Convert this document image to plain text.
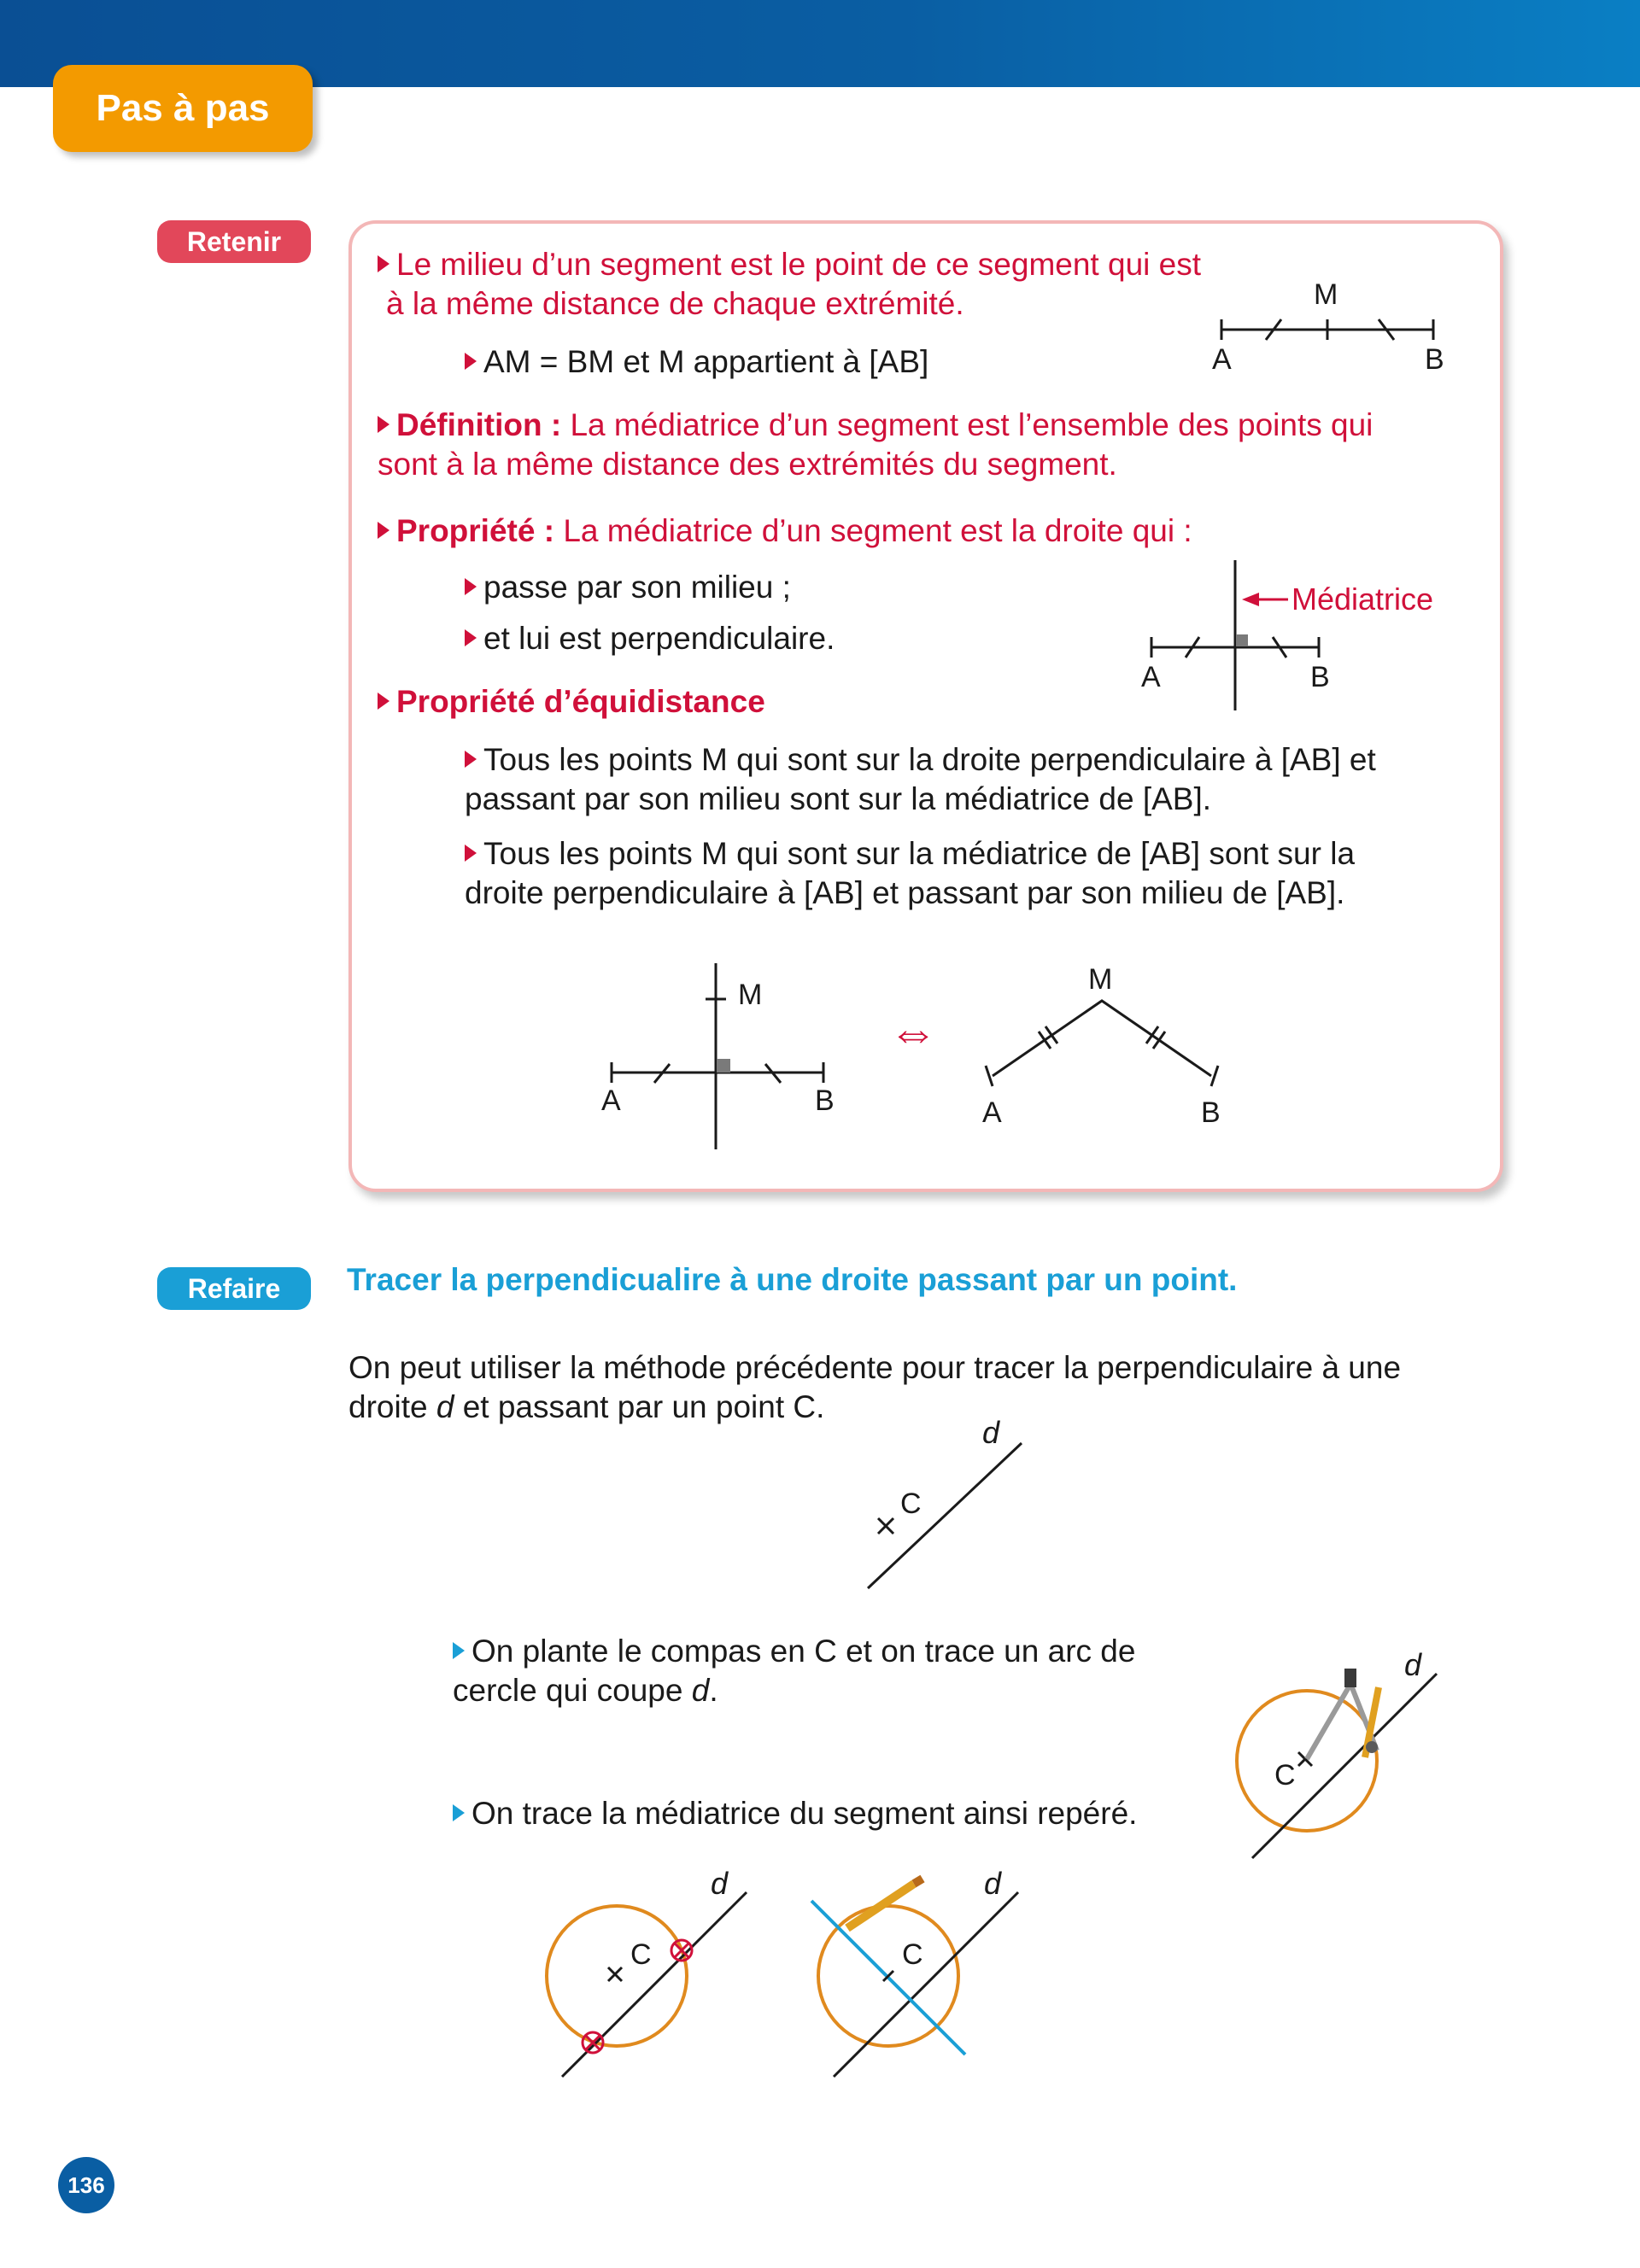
Pas à pas
Retenir
Le milieu d’un segment est le point de ce segment qui est
à la même distance de chaque extrémité.
AM = BM et M appartient à [AB]
Définition : La médiatrice d’un segment est l’ensemble des points qui
sont à la même distance des extrémités du segment.
Propriété : La médiatrice d’un segment est la droite qui :
passe par son milieu ;
et lui est perpendiculaire.
Propriété d’équidistance
Tous les points M qui sont sur la droite perpendiculaire à [AB] et
passant par son milieu sont sur la médiatrice de [AB].
Tous les points M qui sont sur la médiatrice de [AB] sont sur la
droite perpendiculaire à [AB] et passant par son milieu de [AB].
A	B
M
Médiatrice
A	B
M
A	B
⇔
M
A	B
Refaire	Tracer la perpendicualire à une droite passant par un point.
On peut utiliser la méthode précédente pour tracer la perpendiculaire à une
droite d et passant par un point C.
C
d
On plante le compas en C et on trace un arc de
cercle qui coupe d.
On trace la médiatrice du segment ainsi repéré.
C
d
C
d
C
d
136
